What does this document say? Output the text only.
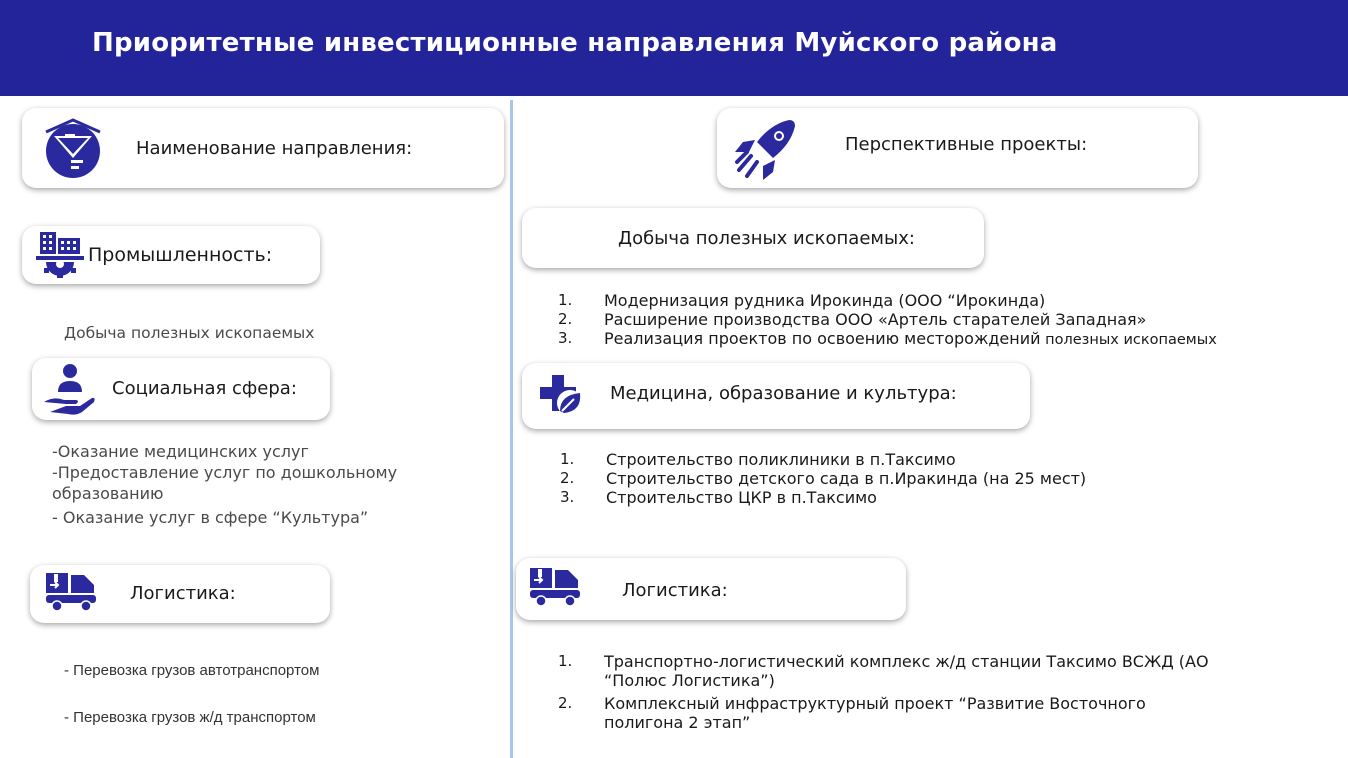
Приоритетные инвестиционные направления Муйского района
Наименование направления:
Промышленность:
Добыча полезных ископаемых
Социальная сфера:
-Оказание медицинских услуг
-Предоставление услуг по дошкольному
образованию
- Оказание услуг в сфере “Культура”
Логистика:
- Перевозка грузов автотранспортом
- Перевозка грузов ж/д транспортом
Перспективные проекты:
Добыча полезных ископаемых:
1. Модернизация рудника Ирокинда (ООО “Ирокинда)
2. Расширение производства ООО «Артель старателей Западная»
3. Реализация проектов по освоению месторождений полезных ископаемых
Медицина, образование и культура:
1. Строительство поликлиники в п.Таксимо
2. Строительство детского сада в п.Иракинда (на 25 мест)
3. Строительство ЦКР в п.Таксимо
Логистика:
1. Транспортно-логистический комплекс ж/д станции Таксимо ВСЖД (АО
“Полюс Логистика”)
2. Комплексный инфраструктурный проект “Развитие Восточного
полигона 2 этап”
